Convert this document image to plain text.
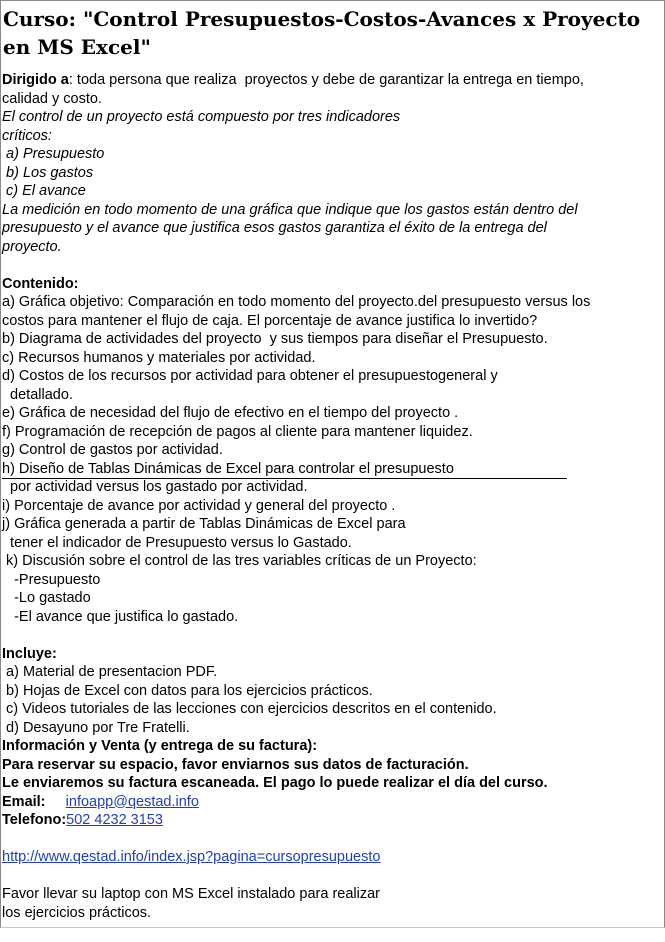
Curso: "Control Presupuestos-Costos-Avances x Proyecto en MS Excel"
Dirigido a: toda persona que realiza  proyectos y debe de garantizar la entrega en tiempo,
calidad y costo.
El control de un proyecto está compuesto por tres indicadores
críticos:
a) Presupuesto
b) Los gastos
c) El avance
La medición en todo momento de una gráfica que indique que los gastos están dentro del
presupuesto y el avance que justifica esos gastos garantiza el éxito de la entrega del
proyecto.
Contenido:
a) Gráfica objetivo: Comparación en todo momento del proyecto.del presupuesto versus los
costos para mantener el flujo de caja. El porcentaje de avance justifica lo invertido?
b) Diagrama de actividades del proyecto  y sus tiempos para diseñar el Presupuesto.
c) Recursos humanos y materiales por actividad.
d) Costos de los recursos por actividad para obtener el presupuestogeneral y
detallado.
e) Gráfica de necesidad del flujo de efectivo en el tiempo del proyecto .
f) Programación de recepción de pagos al cliente para mantener liquidez.
g) Control de gastos por actividad.
h) Diseño de Tablas Dinámicas de Excel para controlar el presupuesto
por actividad versus los gastado por actividad.
i) Porcentaje de avance por actividad y general del proyecto .
j) Gráfica generada a partir de Tablas Dinámicas de Excel para
tener el indicador de Presupuesto versus lo Gastado.
k) Discusión sobre el control de las tres variables críticas de un Proyecto:
-Presupuesto
-Lo gastado
-El avance que justifica lo gastado.
Incluye:
a) Material de presentacion PDF.
b) Hojas de Excel con datos para los ejercicios prácticos.
c) Videos tutoriales de las lecciones con ejercicios descritos en el contenido.
d) Desayuno por Tre Fratelli.
Información y Venta (y entrega de su factura):
Para reservar su espacio, favor enviarnos sus datos de facturación.
Le enviaremos su factura escaneada. El pago lo puede realizar el día del curso.
Email: infoapp@qestad.info
Telefono:502 4232 3153
http://www.qestad.info/index.jsp?pagina=cursopresupuesto
Favor llevar su laptop con MS Excel instalado para realizar
los ejercicios prácticos.
